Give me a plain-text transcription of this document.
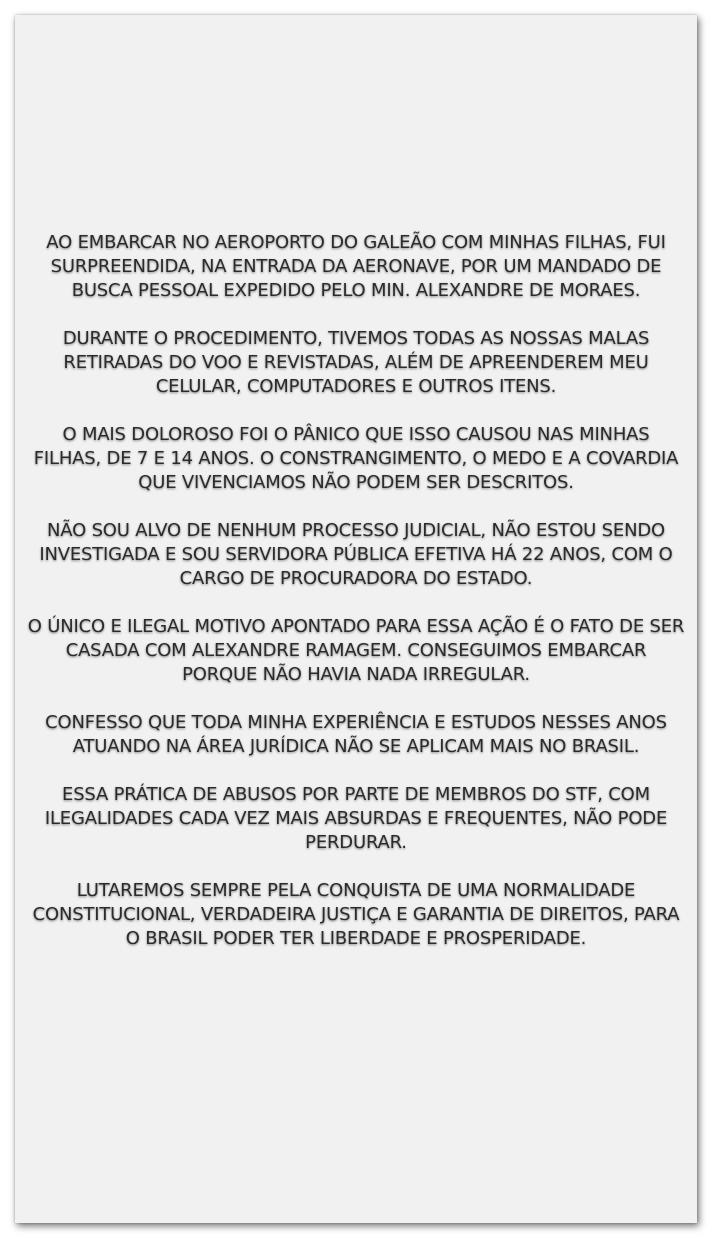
AO EMBARCAR NO AEROPORTO DO GALEÃO COM MINHAS FILHAS, FUI
SURPREENDIDA, NA ENTRADA DA AERONAVE, POR UM MANDADO DE
BUSCA PESSOAL EXPEDIDO PELO MIN. ALEXANDRE DE MORAES.

DURANTE O PROCEDIMENTO, TIVEMOS TODAS AS NOSSAS MALAS
RETIRADAS DO VOO E REVISTADAS, ALÉM DE APREENDEREM MEU
CELULAR, COMPUTADORES E OUTROS ITENS.

O MAIS DOLOROSO FOI O PÂNICO QUE ISSO CAUSOU NAS MINHAS
FILHAS, DE 7 E 14 ANOS. O CONSTRANGIMENTO, O MEDO E A COVARDIA
QUE VIVENCIAMOS NÃO PODEM SER DESCRITOS.

NÃO SOU ALVO DE NENHUM PROCESSO JUDICIAL, NÃO ESTOU SENDO
INVESTIGADA E SOU SERVIDORA PÚBLICA EFETIVA HÁ 22 ANOS, COM O
CARGO DE PROCURADORA DO ESTADO.

O ÚNICO E ILEGAL MOTIVO APONTADO PARA ESSA AÇÃO É O FATO DE SER
CASADA COM ALEXANDRE RAMAGEM. CONSEGUIMOS EMBARCAR
PORQUE NÃO HAVIA NADA IRREGULAR.

CONFESSO QUE TODA MINHA EXPERIÊNCIA E ESTUDOS NESSES ANOS
ATUANDO NA ÁREA JURÍDICA NÃO SE APLICAM MAIS NO BRASIL.

ESSA PRÁTICA DE ABUSOS POR PARTE DE MEMBROS DO STF, COM
ILEGALIDADES CADA VEZ MAIS ABSURDAS E FREQUENTES, NÃO PODE
PERDURAR.

LUTAREMOS SEMPRE PELA CONQUISTA DE UMA NORMALIDADE
CONSTITUCIONAL, VERDADEIRA JUSTIÇA E GARANTIA DE DIREITOS, PARA
O BRASIL PODER TER LIBERDADE E PROSPERIDADE.
